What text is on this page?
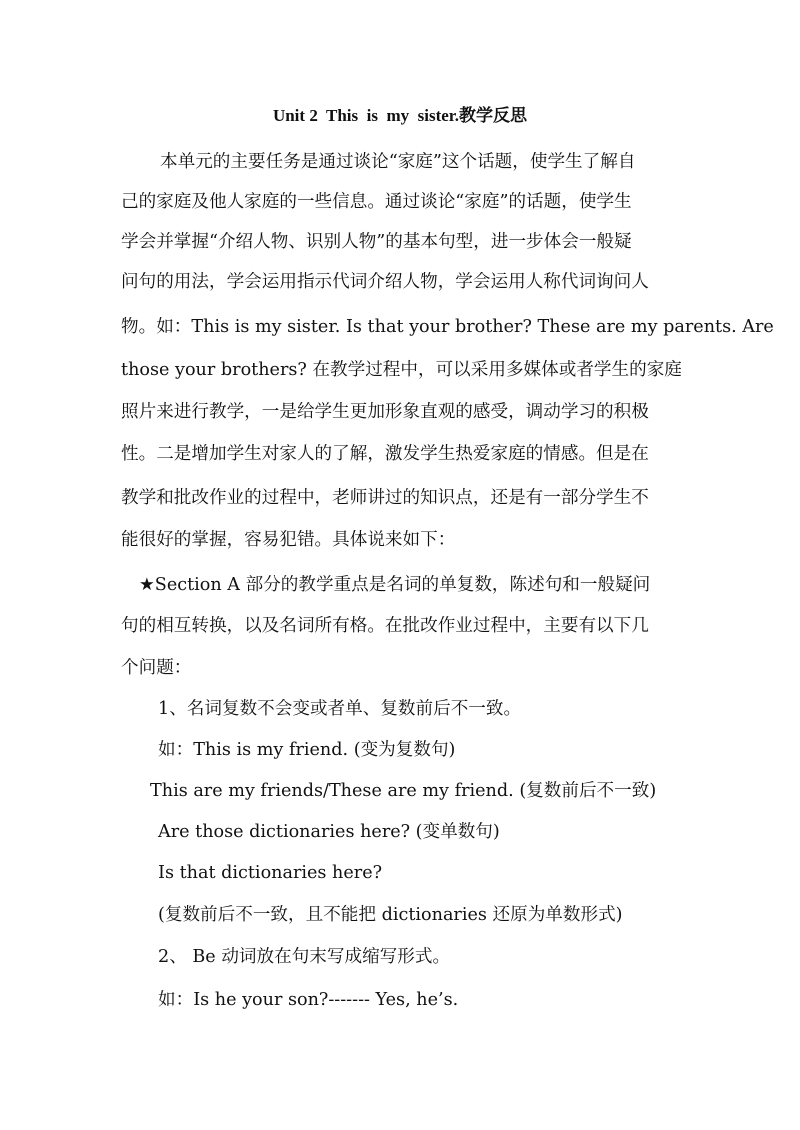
Unit 2  This  is  my  sister.教学反思
本单元的主要任务是通过谈论“家庭”这个话题，使学生了解自
己的家庭及他人家庭的一些信息。通过谈论“家庭”的话题，使学生
学会并掌握“介绍人物、识别人物”的基本句型，进一步体会一般疑
问句的用法，学会运用指示代词介绍人物，学会运用人称代词询问人
物。如：This is my sister. Is that your brother? These are my parents. Are
those your brothers? 在教学过程中，可以采用多媒体或者学生的家庭
照片来进行教学，一是给学生更加形象直观的感受，调动学习的积极
性。二是增加学生对家人的了解，激发学生热爱家庭的情感。但是在
教学和批改作业的过程中，老师讲过的知识点，还是有一部分学生不
能很好的掌握，容易犯错。具体说来如下：
★Section A 部分的教学重点是名词的单复数，陈述句和一般疑问
句的相互转换，以及名词所有格。在批改作业过程中，主要有以下几
个问题：
1、名词复数不会变或者单、复数前后不一致。
如：This is my friend. (变为复数句)
This are my friends/These are my friend. (复数前后不一致)
Are those dictionaries here? (变单数句)
Is that dictionaries here?
(复数前后不一致，且不能把 dictionaries 还原为单数形式)
2、 Be 动词放在句末写成缩写形式。
如：Is he your son?------- Yes, he’s.
